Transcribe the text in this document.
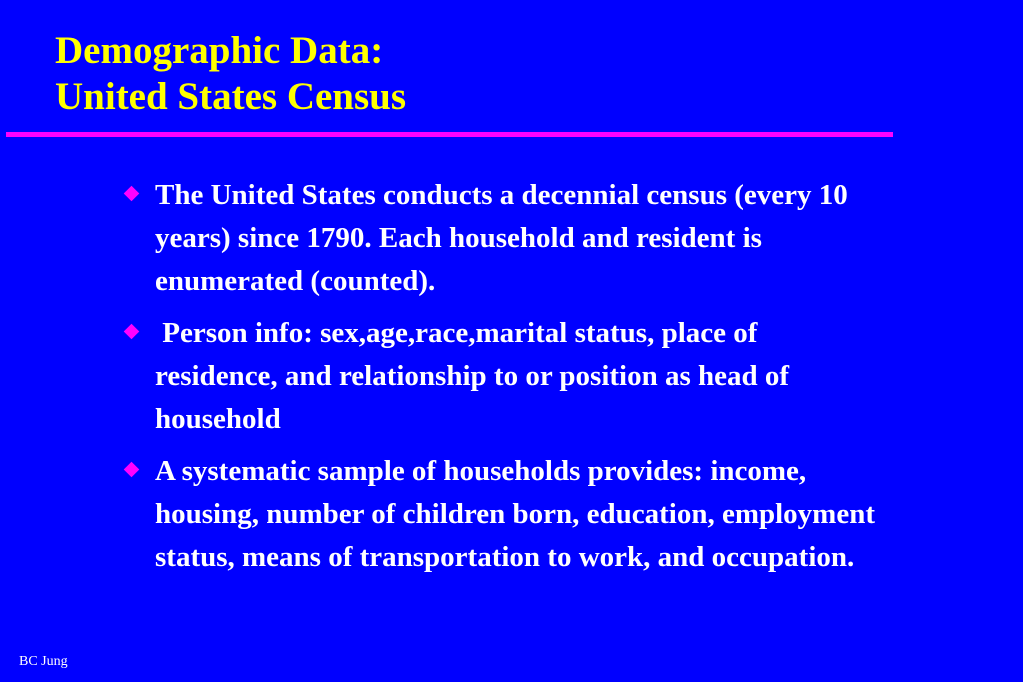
Demographic Data:
United States Census
The United States conducts a decennial census (every 10 years) since 1790. Each household and resident is enumerated (counted).
Person info: sex,age,race,marital status, place of residence, and relationship to or position as head of household
A systematic sample of households provides: income, housing, number of children born, education, employment status, means of transportation to work, and occupation.
BC Jung
